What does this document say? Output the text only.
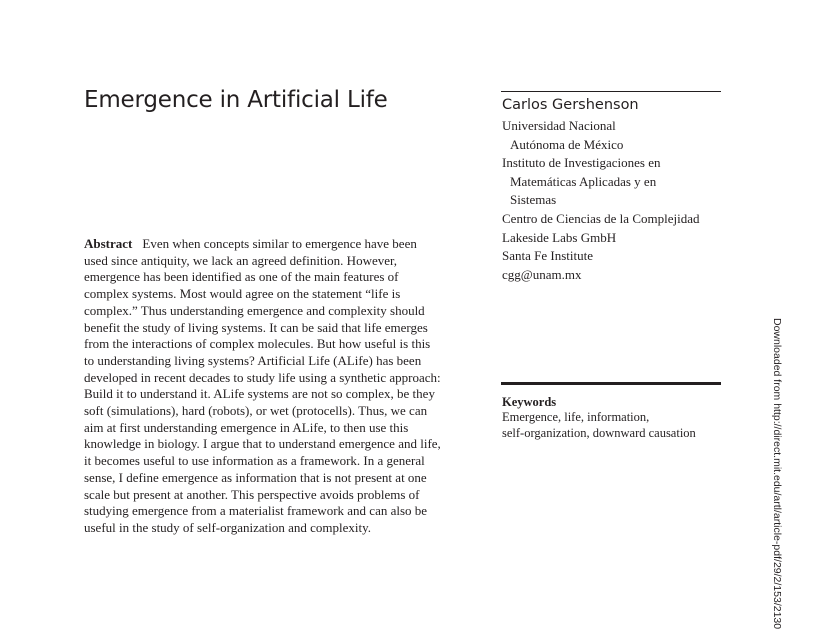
Emergence in Artificial Life	Carlos Gershenson
Universidad Nacional
Autónoma de México
Instituto de Investigaciones en
Matemáticas Aplicadas y en
Sistemas
Centro de Ciencias de la Complejidad
Lakeside Labs GmbH
Santa Fe Institute
cgg@unam.mx

Abstract Even when concepts similar to emergence have been
used since antiquity, we lack an agreed definition. However,
emergence has been identified as one of the main features of
complex systems. Most would agree on the statement “life is
complex.” Thus understanding emergence and complexity should
benefit the study of living systems. It can be said that life emerges
from the interactions of complex molecules. But how useful is this
to understanding living systems? Artificial Life (ALife) has been
developed in recent decades to study life using a synthetic approach:
Build it to understand it. ALife systems are not so complex, be they
soft (simulations), hard (robots), or wet (protocells). Thus, we can
aim at first understanding emergence in ALife, to then use this
knowledge in biology. I argue that to understand emergence and life,
it becomes useful to use information as a framework. In a general
sense, I define emergence as information that is not present at one
scale but present at another. This perspective avoids problems of
studying emergence from a materialist framework and can also be
useful in the study of self-organization and complexity.

Keywords
Emergence, life, information,
self-organization, downward causation	Downloaded from http://direct.mit.edu/artl/article-pdf/29/2/153/2130
